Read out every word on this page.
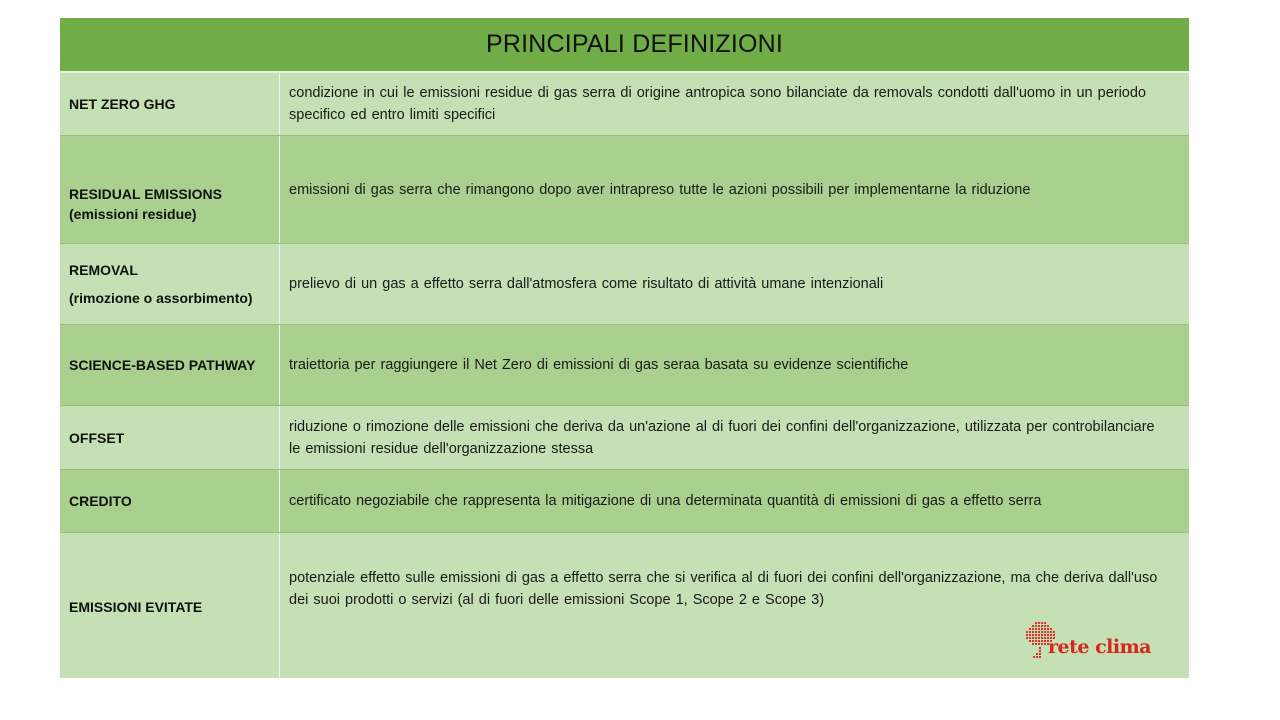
PRINCIPALI DEFINIZIONI
NET ZERO GHG
condizione in cui le emissioni residue di gas serra di origine antropica sono bilanciate da removals condotti dall'uomo in un periodo specifico ed entro limiti specifici
RESIDUAL EMISSIONS
(emissioni residue)
emissioni di gas serra che rimangono dopo aver intrapreso tutte le azioni possibili per implementarne la riduzione
REMOVAL
(rimozione o assorbimento)
prelievo di un gas a effetto serra dall'atmosfera come risultato di attività umane intenzionali
SCIENCE-BASED PATHWAY	traiettoria per raggiungere il Net Zero di emissioni di gas seraa basata su evidenze scientifiche
OFFSET
riduzione o rimozione delle emissioni che deriva da un'azione al di fuori dei confini dell'organizzazione, utilizzata per controbilanciare le emissioni residue dell'organizzazione stessa
CREDITO	certificato negoziabile che rappresenta la mitigazione di una determinata quantità di emissioni di gas a effetto serra
EMISSIONI EVITATE
potenziale effetto sulle emissioni di gas a effetto serra che si verifica al di fuori dei confini dell'organizzazione, ma che deriva dall'uso dei suoi prodotti o servizi (al di fuori delle emissioni Scope 1, Scope 2 e Scope 3)
rete clima
